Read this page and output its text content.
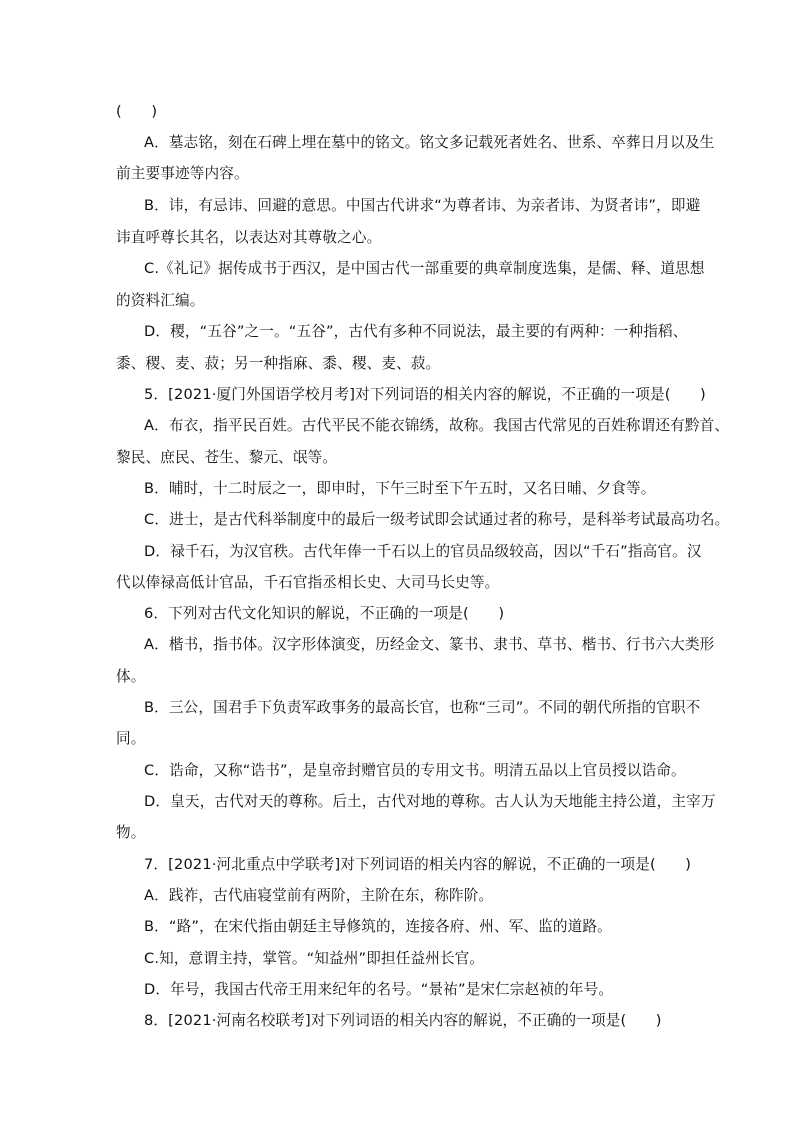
(　　)
A．墓志铭，刻在石碑上埋在墓中的铭文。铭文多记载死者姓名、世系、卒葬日月以及生
前主要事迹等内容。
B．讳，有忌讳、回避的意思。中国古代讲求“为尊者讳、为亲者讳、为贤者讳”，即避
讳直呼尊长其名，以表达对其尊敬之心。
C.《礼记》据传成书于西汉，是中国古代一部重要的典章制度选集，是儒、释、道思想
的资料汇编。
D．稷，“五谷”之一。“五谷”，古代有多种不同说法，最主要的有两种：一种指稻、
黍、稷、麦、菽；另一种指麻、黍、稷、麦、菽。
5．[2021·厦门外国语学校月考]对下列词语的相关内容的解说，不正确的一项是(　　)
A．布衣，指平民百姓。古代平民不能衣锦绣，故称。我国古代常见的百姓称谓还有黔首、
黎民、庶民、苍生、黎元、氓等。
B．晡时，十二时辰之一，即申时，下午三时至下午五时，又名日晡、夕食等。
C．进士，是古代科举制度中的最后一级考试即会试通过者的称号，是科举考试最高功名。
D．禄千石，为汉官秩。古代年俸一千石以上的官员品级较高，因以“千石”指高官。汉
代以俸禄高低计官品，千石官指丞相长史、大司马长史等。
6．下列对古代文化知识的解说，不正确的一项是(　　)
A．楷书，指书体。汉字形体演变，历经金文、篆书、隶书、草书、楷书、行书六大类形
体。
B．三公，国君手下负责军政事务的最高长官，也称“三司”。不同的朝代所指的官职不
同。
C．诰命，又称“诰书”，是皇帝封赠官员的专用文书。明清五品以上官员授以诰命。
D．皇天，古代对天的尊称。后土，古代对地的尊称。古人认为天地能主持公道，主宰万
物。
7．[2021·河北重点中学联考]对下列词语的相关内容的解说，不正确的一项是(　　)
A．践祚，古代庙寝堂前有两阶，主阶在东，称阼阶。
B．“路”，在宋代指由朝廷主导修筑的，连接各府、州、军、监的道路。
C.知，意谓主持，掌管。“知益州”即担任益州长官。
D．年号，我国古代帝王用来纪年的名号。“景祐”是宋仁宗赵祯的年号。
8．[2021·河南名校联考]对下列词语的相关内容的解说，不正确的一项是(　　)
